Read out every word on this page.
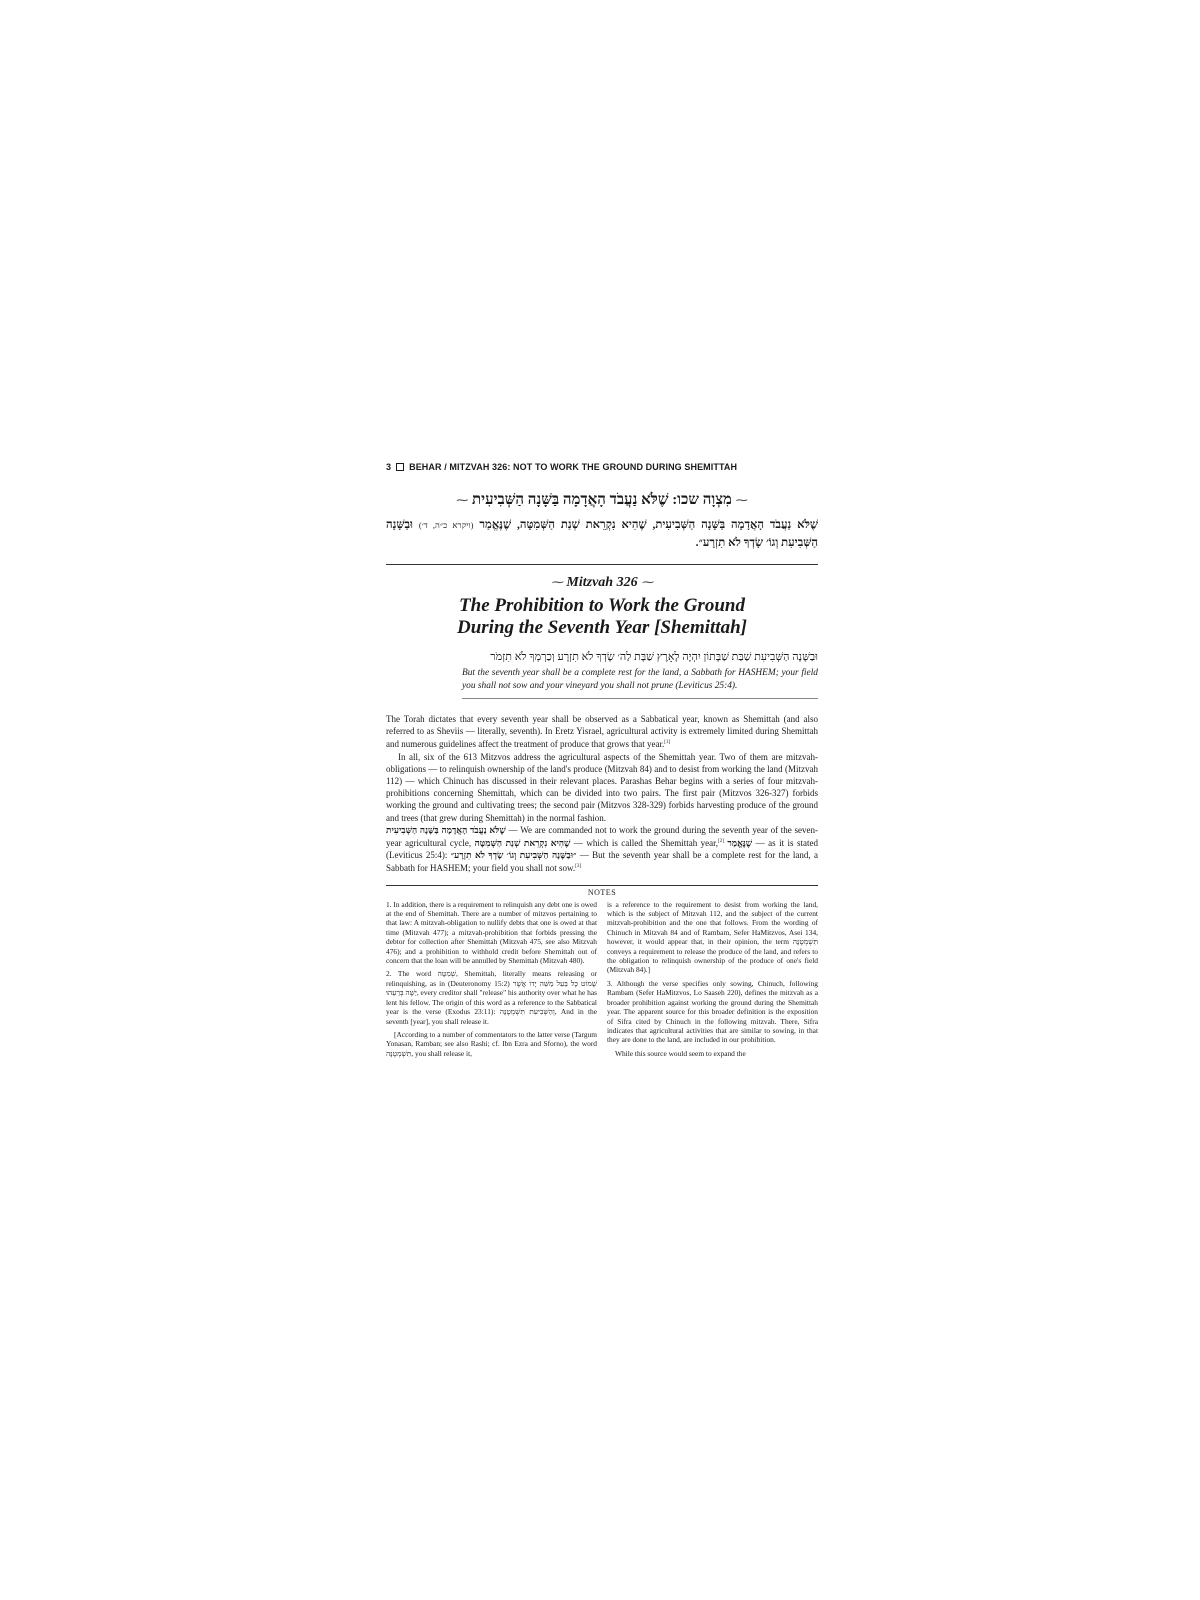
3 BEHAR / MITZVAH 326: NOT TO WORK THE GROUND DURING SHEMITTAH
⁓ מִצְוָה שכו: שֶׁלֹּא נַעֲבֹד הָאֲדָמָה בַּשָּׁנָה הַשְּׁבִיעִית ⁓
שֶׁלֹּא נַעֲבֹד הָאֲדָמָה בַּשָּׁנָה הַשְּׁבִיעִית, שֶׁהִיא נִקְרֵאת שְׁנַת הַשְּׁמִטָּה, שֶׁנֶּאֱמַר (ויקרא כ״ה, ד׳) וּבַשָּׁנָה הַשְּׁבִיעִת וְגוֹ׳ שָׂדְךָ לֹא תִזְרָע״.
⁓ Mitzvah 326 ⁓
The Prohibition to Work the Ground
During the Seventh Year [Shemittah]
וּבַשָּׁנָה הַשְּׁבִיעִת שַׁבַּת שַׁבָּתוֹן יִהְיֶה לָאָרֶץ שַׁבָּת לַה׳ שָׂדְךָ לֹא תִזְרָע וְכַרְמְךָ לֹא תִזְמֹר
But the seventh year shall be a complete rest for the land, a Sabbath for HASHEM; your field you shall not sow and your vineyard you shall not prune (Leviticus 25:4).

The Torah dictates that every seventh year shall be observed as a Sabbatical year, known as Shemittah (and also referred to as Sheviis — literally, seventh). In Eretz Yisrael, agricultural activity is extremely limited during Shemittah and numerous guidelines affect the treatment of produce that grows that year.[1]

In all, six of the 613 Mitzvos address the agricultural aspects of the Shemittah year. Two of them are mitzvah-obligations — to relinquish ownership of the land's produce (Mitzvah 84) and to desist from working the land (Mitzvah 112) — which Chinuch has discussed in their relevant places. Parashas Behar begins with a series of four mitzvah-prohibitions concerning Shemittah, which can be divided into two pairs. The first pair (Mitzvos 326-327) forbids working the ground and cultivating trees; the second pair (Mitzvos 328-329) forbids harvesting produce of the ground and trees (that grew during Shemittah) in the normal fashion.

שֶׁלֹּא נַעֲבֹד הָאֲדָמָה בַּשָּׁנָה הַשְּׁבִיעִית — We are commanded not to work the ground during the seventh year of the seven-year agricultural cycle, שֶׁהִיא נִקְרֵאת שְׁנַת הַשְּׁמִטָּה — which is called the Shemittah year,[2] שֶׁנֶּאֱמַר — as it is stated (Leviticus 25:4): ״וּבַשָּׁנָה הַשְּׁבִיעִת וְגוֹ׳ שָׂדְךָ לֹא תִזְרָע״ — But the seventh year shall be a complete rest for the land, a Sabbath for HASHEM; your field you shall not sow.[3]

NOTES

1. In addition, there is a requirement to relinquish any debt one is owed at the end of Shemittah. There are a number of mitzvos pertaining to that law: A mitzvah-obligation to nullify debts that one is owed at that time (Mitzvah 477); a mitzvah-prohibition that forbids pressing the debtor for collection after Shemittah (Mitzvah 475, see also Mitzvah 476); and a prohibition to withhold credit before Shemittah out of concern that the loan will be annulled by Shemittah (Mitzvah 480).

2. The word שְׁמִטָּה, Shemittah, literally means releasing or relinquishing, as in (Deuteronomy 15:2) שָׁמוֹט כָּל בַּעַל מַשֵּׁה יָדוֹ אֲשֶׁר יַשֶּׁה בְּרֵעֵהוּ, every creditor shall "release" his authority over what he has lent his fellow. The origin of this word as a reference to the Sabbatical year is the verse (Exodus 23:11): וְהַשְּׁבִיעִת תִּשְׁמְטֶנָּה, And in the seventh [year], you shall release it.

[According to a number of commentators to the latter verse (Targum Yonasan, Ramban; see also Rashi; cf. Ibn Ezra and Sforno), the word תִּשְׁמְטֶנָּה, you shall release it,

is a reference to the requirement to desist from working the land, which is the subject of Mitzvah 112, and the subject of the current mitzvah-prohibition and the one that follows. From the wording of Chinuch in Mitzvah 84 and of Rambam, Sefer HaMitzvos, Asei 134, however, it would appear that, in their opinion, the term תִּשְׁמְטֶנָּה conveys a requirement to release the produce of the land, and refers to the obligation to relinquish ownership of the produce of one's field (Mitzvah 84).]

3. Although the verse specifies only sowing, Chinuch, following Rambam (Sefer HaMitzvos, Lo Saaseh 220), defines the mitzvah as a broader prohibition against working the ground during the Shemittah year. The apparent source for this broader definition is the exposition of Sifra cited by Chinuch in the following mitzvah. There, Sifra indicates that agricultural activities that are similar to sowing, in that they are done to the land, are included in our prohibition.

While this source would seem to expand the
